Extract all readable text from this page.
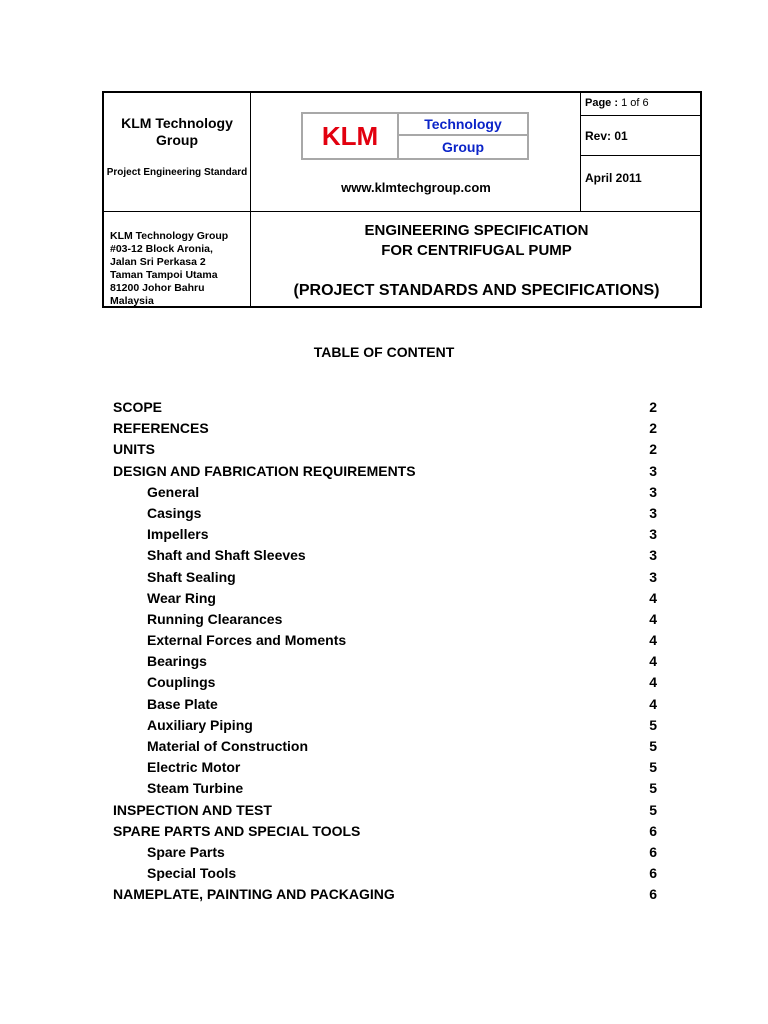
KLM Technology Group
Project Engineering Standard
KLM	Technology
Group
www.klmtechgroup.com
Page : 1 of 6
Rev: 01
April 2011
KLM Technology Group
#03-12 Block Aronia,
Jalan Sri Perkasa 2
Taman Tampoi Utama
81200 Johor Bahru
Malaysia
ENGINEERING SPECIFICATION
FOR CENTRIFUGAL PUMP
(PROJECT STANDARDS AND SPECIFICATIONS)
TABLE OF CONTENT
SCOPE	2
REFERENCES	2
UNITS	2
DESIGN AND FABRICATION REQUIREMENTS	3
General	3
Casings	3
Impellers	3
Shaft and Shaft Sleeves	3
Shaft Sealing	3
Wear Ring	4
Running Clearances	4
External Forces and Moments	4
Bearings	4
Couplings	4
Base Plate	4
Auxiliary Piping	5
Material of Construction	5
Electric Motor	5
Steam Turbine	5
INSPECTION AND TEST	5
SPARE PARTS AND SPECIAL TOOLS	6
Spare Parts	6
Special Tools	6
NAMEPLATE, PAINTING AND PACKAGING	6
